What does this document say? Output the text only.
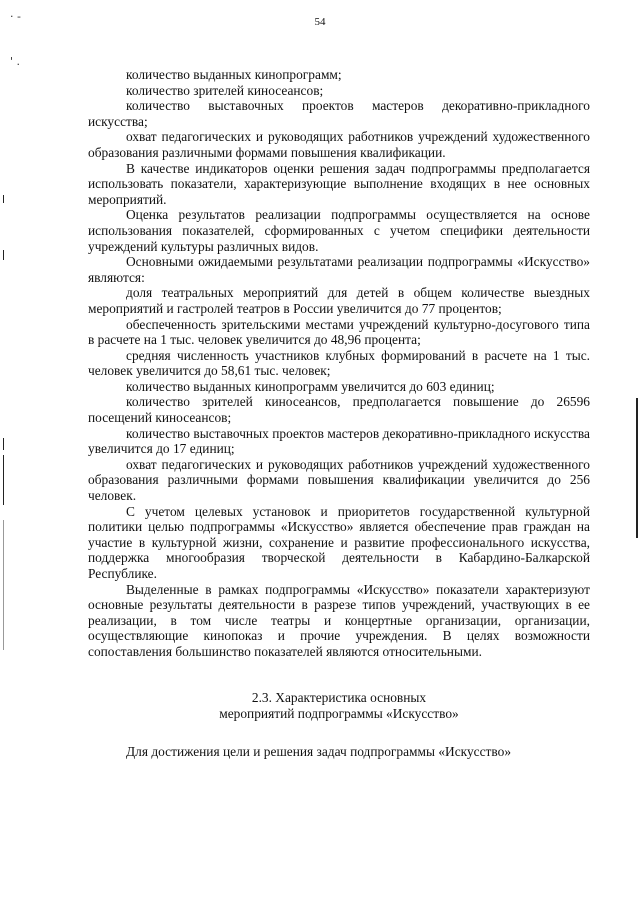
· -
' .
54

количество выданных кинопрограмм;

количество зрителей киносеансов;

количество выставочных проектов мастеров декоративно-прикладного искусства;

охват педагогических и руководящих работников учреждений художественного образования различными формами повышения квалификации.

В качестве индикаторов оценки решения задач подпрограммы предполагается использовать показатели, характеризующие выполнение входящих в нее основных мероприятий.

Оценка результатов реализации подпрограммы осуществляется на основе использования показателей, сформированных с учетом специфики деятельности учреждений культуры различных видов.

Основными ожидаемыми результатами реализации подпрограммы «Искусство» являются:

доля театральных мероприятий для детей в общем количестве выездных мероприятий и гастролей театров в России увеличится до 77 процентов;

обеспеченность зрительскими местами учреждений культурно-досугового типа в расчете на 1 тыс. человек увеличится до 48,96 процента;

средняя численность участников клубных формирований в расчете на 1 тыс. человек увеличится до 58,61 тыс. человек;

количество выданных кинопрограмм увеличится до 603 единиц;

количество зрителей киносеансов, предполагается повышение до 26596 посещений киносеансов;

количество выставочных проектов мастеров декоративно-прикладного искусства увеличится до 17 единиц;

охват педагогических и руководящих работников учреждений художественного образования различными формами повышения квалификации увеличится до 256 человек.

С учетом целевых установок и приоритетов государственной культурной политики целью подпрограммы «Искусство» является обеспечение прав граждан на участие в культурной жизни, сохранение и развитие профессионального искусства, поддержка многообразия творческой деятельности в Кабардино-Балкарской Республике.

Выделенные в рамках подпрограммы «Искусство» показатели характеризуют основные результаты деятельности в разрезе типов учреждений, участвующих в ее реализации, в том числе театры и концертные организации, организации, осуществляющие кинопоказ и прочие учреждения. В целях возможности сопоставления большинство показателей являются относительными.

2.3. Характеристика основных
мероприятий подпрограммы «Искусство»

Для достижения цели и решения задач подпрограммы «Искусство»
